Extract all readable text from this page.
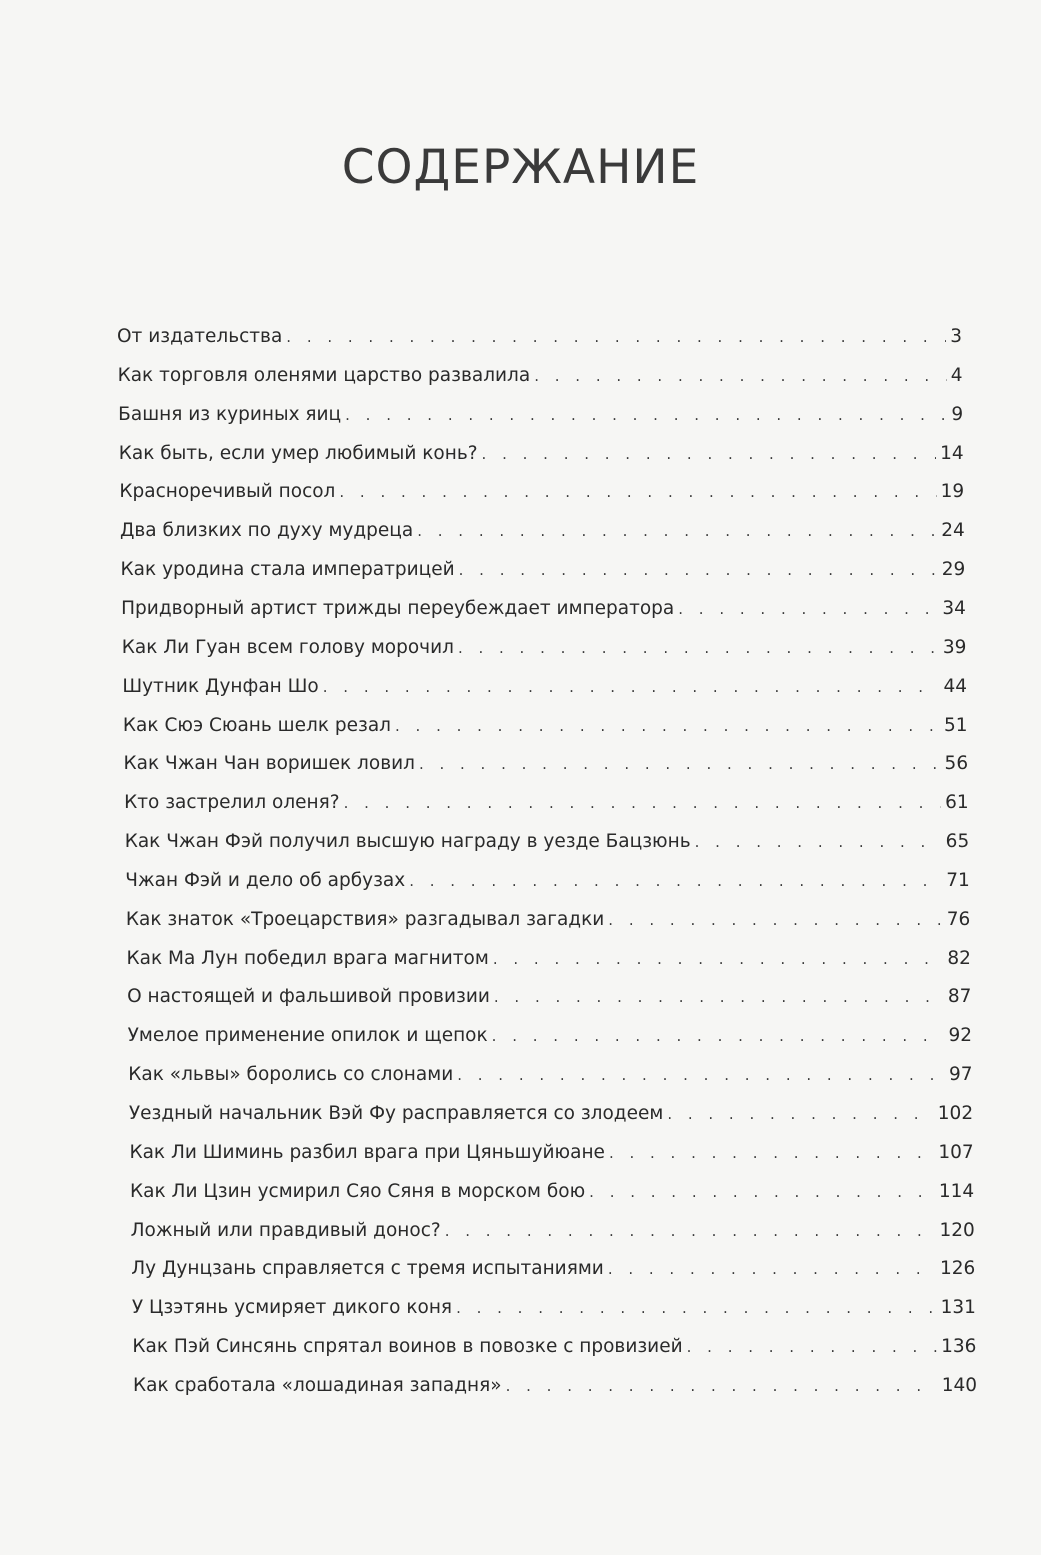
СОДЕРЖАНИЕ
От издательства . . .	3
Как торговля оленями царство развалила . . .	4
Башня из куриных яиц . . .	9
Как быть, если умер любимый конь? . . .	14
Красноречивый посол . . .	19
Два близких по духу мудреца . . .	24
Как уродина стала императрицей . . .	29
Придворный артист трижды переубеждает императора . . .	34
Как Ли Гуан всем голову морочил . . .	39
Шутник Дунфан Шо . . .	44
Как Сюэ Сюань шелк резал . . .	51
Как Чжан Чан воришек ловил . . .	56
Кто застрелил оленя? . . .	61
Как Чжан Фэй получил высшую награду в уезде Бацзюнь . . .	65
Чжан Фэй и дело об арбузах . . .	71
Как знаток «Троецарствия» разгадывал загадки . . .	76
Как Ма Лун победил врага магнитом . . .	82
О настоящей и фальшивой провизии . . .	87
Умелое применение опилок и щепок . . .	92
Как «львы» боролись со слонами . . .	97
Уездный начальник Вэй Фу расправляется со злодеем . . .	102
Как Ли Шиминь разбил врага при Цяньшуйюане . . .	107
Как Ли Цзин усмирил Сяо Сяня в морском бою . . .	114
Ложный или правдивый донос? . . .	120
Лу Дунцзань справляется с тремя испытаниями . . .	126
У Цзэтянь усмиряет дикого коня . . .	131
Как Пэй Синсянь спрятал воинов в повозке с провизией . . .	136
Как сработала «лошадиная западня» . . .	140
